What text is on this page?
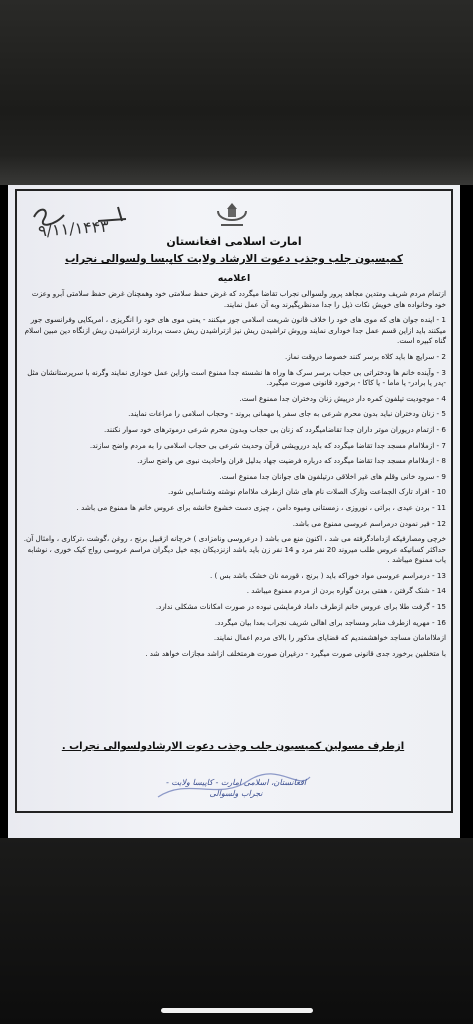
۹/۱۱/۱۴۴۳
امارت اسلامی افغانستان
کمیسیون جلب وجذب دعوت الارشاد ولایت کاپیسا ولسوالی نجراب
اعلامیه

ازتمام مردم شریف ومتدین مجاهد پرور ولسوالی نجراب تقاضا میگردد که غرض حفظ سلامتی خود وهمچنان غرض حفظ سلامتی آبرو وعزت خود وخانواده های خویش نکات ذیل را جدا مدنظرپگیرند وبه آن عمل نمایند.

1 - اینده جوان های که موی های خود را خلاف قانون شریعت اسلامی جور میکنند - یعنی موی های خود را انگریزی ، امریکایی وفرانسوی جور میکنند باید ازاین قسم عمل جدا خوداری نمایند وروش تراشیدن ریش نیز ازتراشیدن ریش دست بردارند ازتراشیدن ریش ازنگاه دین مبین اسلام گناه کبیره است.

2 - سرایچ ها باید کلاه برسر کنند خصوصا دروقت نماز.

3 - وآینده خانم ها ودختراتی بی حجاب برسر سرک ها وراه ها نشسته جدا ممنوع است وازاین عمل خوداری نمایند وگرنه با سرپرستانشان مثل -پدر یا برادر- یا ماما - یا کاکا - برخورد قانونی صورت میگیرد.

4 - موجودیت تیلفون کمره دار درپیش زنان ودختران جدا ممنوع است.

5 - زنان ودختران نباید بدون محرم شرعی به جای سفر یا مهمانی بروند - وحجاب اسلامی را مراعات نمایند.

6 - ازتمام دریوران موتر داران جدا تقاضامیگردد که زنان بی حجاب وبدون محرم شرعی درموترهای خود سوار نکنند.

7 - ازملاامام مسجد جدا تقاضا میگردد که باید دررویشی قرآن وحدیث شرعی بی حجاب اسلامی را به مردم واضح سازند.

8 - ازملاامام مسجد جدا تقاضا میگردد که درباره فرضیت جهاد بدلیل قران واحادیث نبوی ص واضح سازد.

9 - سرود خانی وقلم های غیر اخلاقی درتیلفون های جوانان جدا ممنوع است.

10 - افراد تارک الجماعت وتارک الصلات نام های شان ازطرف ملاامام نوشته وشناسایی شود.

11 - بردن عیدی ، براتی ، نوروزی ، زمستانی ومیوه دامن ، چیزی دست خشوع خانشه برای عروس خانم ها ممنوع می باشد .

12 - فیر نمودن درمراسم عروسی ممنوع می باشد.

خرچی ومصارفیکه ازدامادگرفته می شد ، اکنون منع می باشد ( درعروسی ونامزادی ) خرچانه ازقبیل برنج ، روغن ،گوشت ،ترکاری ، وامثال آن. حداکثر کسانیکه عروس طلب میروند 20 نفر مرد و 14 نفر زن باید باشد ازنزدیکان بچه خیل دیگران مراسم عروسی رواج کیک خوری ، نوشابه یاب ممنوع میباشد .

13 - درمراسم عروسی مواد خوراکه باید ( برنج ، قورمه نان خشک باشد بس ) .

14 - شنک گرفتن ، هفتی بردن گواره بردن از مردم ممنوع میباشد .

15 - گرفت طلا برای عروس خانم ازطرف داماد فرمایشی نبوده در صورت امکانات مشکلی ندارد.

16 - مهریه ازطرف منابر ومساجد برای اهالی شریف نجراب بعدا بیان میگردد.

ازملاامامان مساجد خواهشمندیم که قضایای مذکور را بالای مردم اعمال نمایند.

با متخلفین برخورد جدی قانونی صورت میگیرد - درغیران صورت هرمتخلف ازاشد مجازات خواهد شد .

ازطرف مسولین کمیسیون جلب وجذب دعوت الارشادولسوالی نجراب .
افغانستان، اسلامی امارت - کاپیسا ولایت - نجراب ولسوالی
